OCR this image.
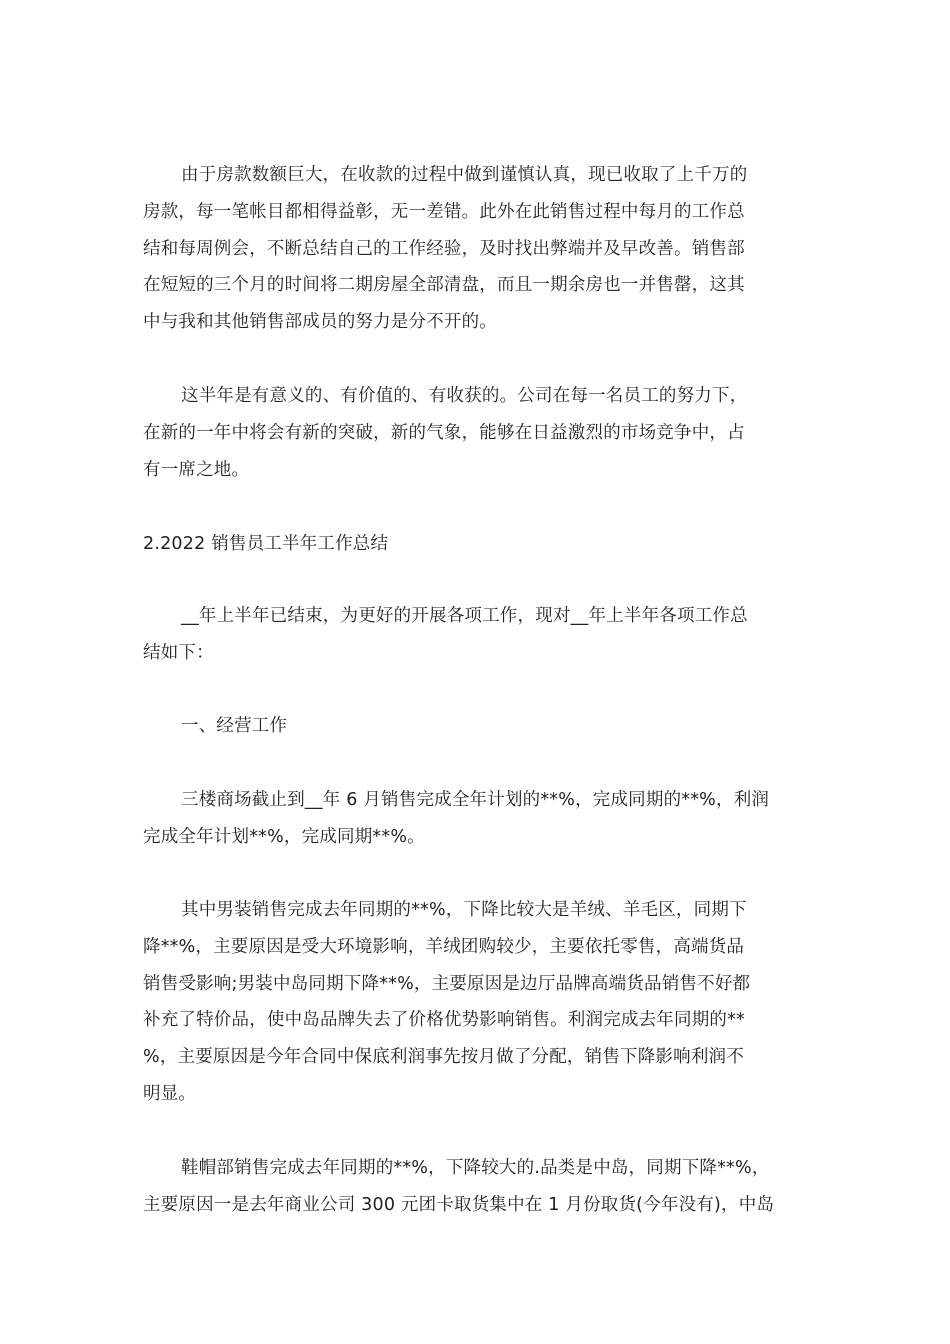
由于房款数额巨大，在收款的过程中做到谨慎认真，现已收取了上千万的
房款，每一笔帐目都相得益彰，无一差错。此外在此销售过程中每月的工作总
结和每周例会，不断总结自己的工作经验，及时找出弊端并及早改善。销售部
在短短的三个月的时间将二期房屋全部清盘，而且一期余房也一并售罄，这其
中与我和其他销售部成员的努力是分不开的。

这半年是有意义的、有价值的、有收获的。公司在每一名员工的努力下，
在新的一年中将会有新的突破，新的气象，能够在日益激烈的市场竞争中，占
有一席之地。

2.2022 销售员工半年工作总结

__年上半年已结束，为更好的开展各项工作，现对__年上半年各项工作总
结如下：

一、经营工作

三楼商场截止到__年 6 月销售完成全年计划的**%，完成同期的**%，利润
完成全年计划**%，完成同期**%。

其中男装销售完成去年同期的**%，下降比较大是羊绒、羊毛区，同期下
降**%，主要原因是受大环境影响，羊绒团购较少，主要依托零售，高端货品
销售受影响;男装中岛同期下降**%，主要原因是边厅品牌高端货品销售不好都
补充了特价品，使中岛品牌失去了价格优势影响销售。利润完成去年同期的**
%，主要原因是今年合同中保底利润事先按月做了分配，销售下降影响利润不
明显。

鞋帽部销售完成去年同期的**%，下降较大的.品类是中岛，同期下降**%，
主要原因一是去年商业公司 300 元团卡取货集中在 1 月份取货(今年没有)，中岛
